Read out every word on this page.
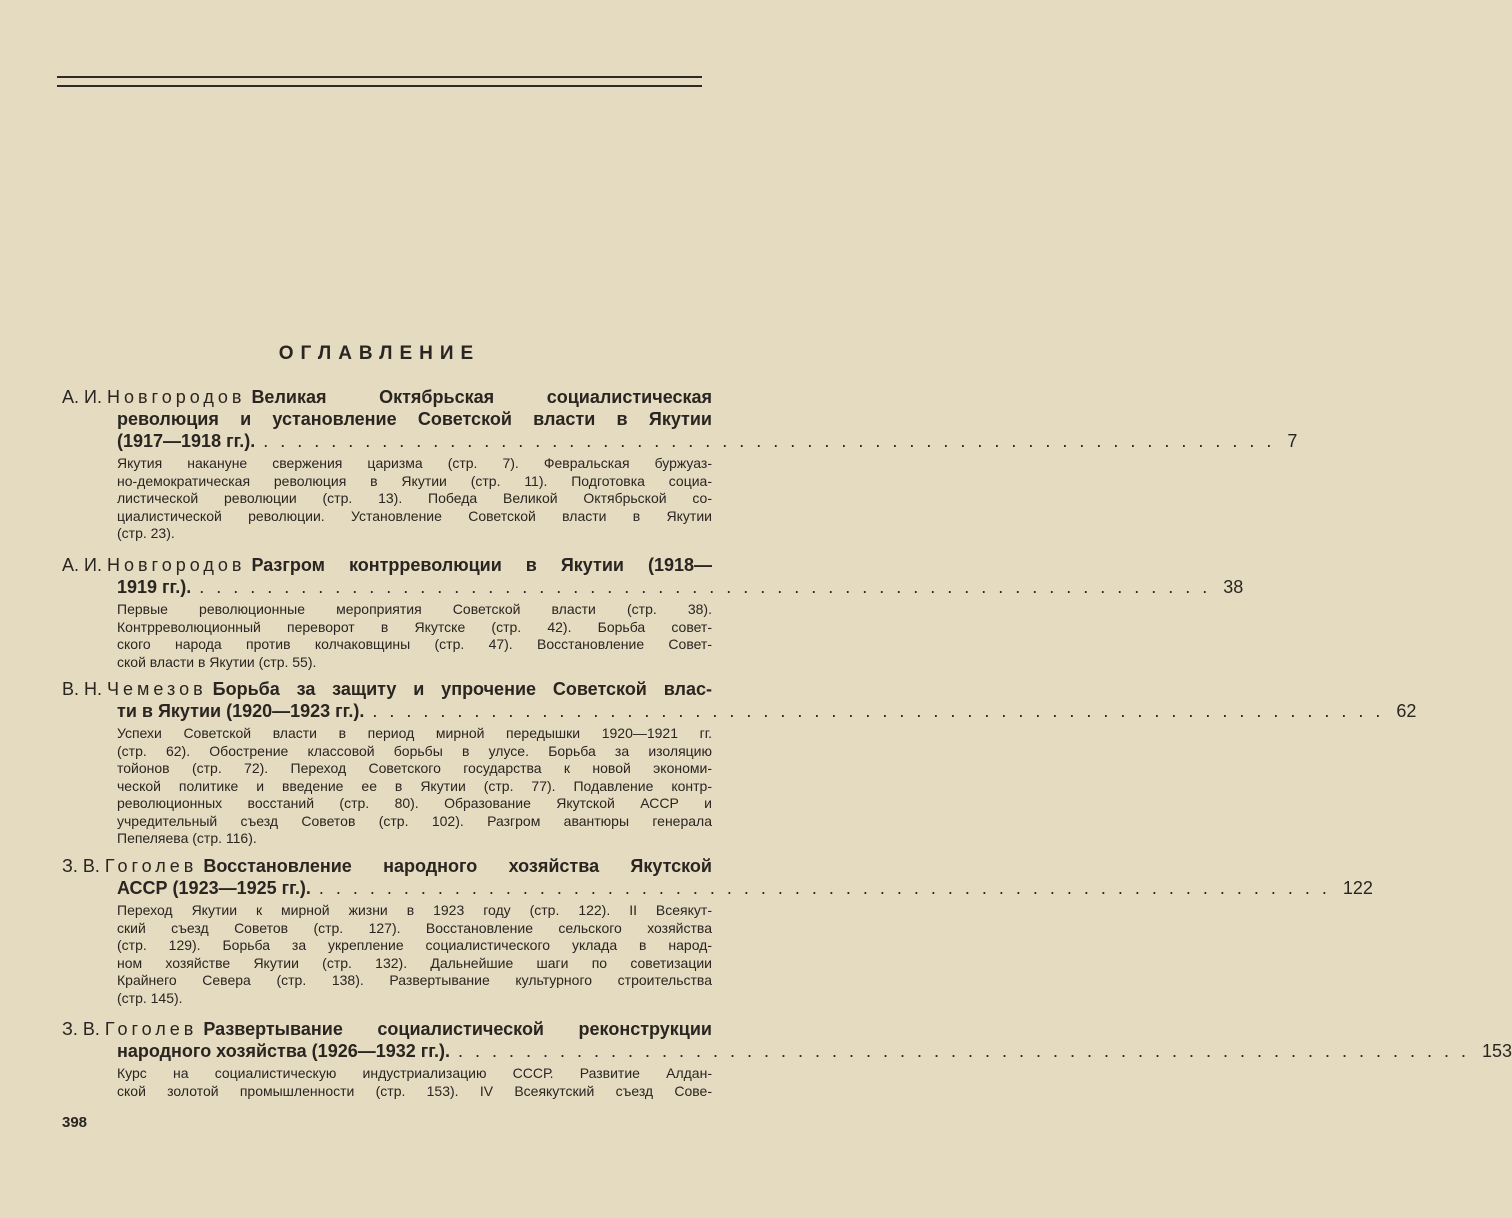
ОГЛАВЛЕНИЕ
А. И. Новгородов Великая Октябрьская социалистическая
революция и установление Советской власти в Якутии
(1917—1918 гг.). ............................................................ 7
Якутия накануне свержения царизма (стр. 7). Февральская буржуаз-
но-демократическая революция в Якутии (стр. 11). Подготовка социа-
листической революции (стр. 13). Победа Великой Октябрьской со-
циалистической революции. Установление Советской власти в Якутии
(стр. 23).
А. И. Новгородов Разгром контрреволюции в Якутии (1918—
1919 гг.). ............................................................ 38
Первые революционные мероприятия Советской власти (стр. 38).
Контрреволюционный переворот в Якутске (стр. 42). Борьба совет-
ского народа против колчаковщины (стр. 47). Восстановление Совет-
ской власти в Якутии (стр. 55).
В. Н. Чемезов Борьба за защиту и упрочение Советской влас-
ти в Якутии (1920—1923 гг.). ............................................................ 62
Успехи Советской власти в период мирной передышки 1920—1921 гг.
(стр. 62). Обострение классовой борьбы в улусе. Борьба за изоляцию
тойонов (стр. 72). Переход Советского государства к новой экономи-
ческой политике и введение ее в Якутии (стр. 77). Подавление контр-
революционных восстаний (стр. 80). Образование Якутской АССР и
учредительный съезд Советов (стр. 102). Разгром авантюры генерала
Пепеляева (стр. 116).
З. В. Гоголев Восстановление народного хозяйства Якутской
АССР (1923—1925 гг.). ............................................................ 122
Переход Якутии к мирной жизни в 1923 году (стр. 122). II Всеякут-
ский съезд Советов (стр. 127). Восстановление сельского хозяйства
(стр. 129). Борьба за укрепление социалистического уклада в народ-
ном хозяйстве Якутии (стр. 132). Дальнейшие шаги по советизации
Крайнего Севера (стр. 138). Развертывание культурного строительства
(стр. 145).
З. В. Гоголев Развертывание социалистической реконструкции
народного хозяйства (1926—1932 гг.). ............................................................ 153
Курс на социалистическую индустриализацию СССР. Развитие Алдан-
ской золотой промышленности (стр. 153). IV Всеякутский съезд Сове-
398
